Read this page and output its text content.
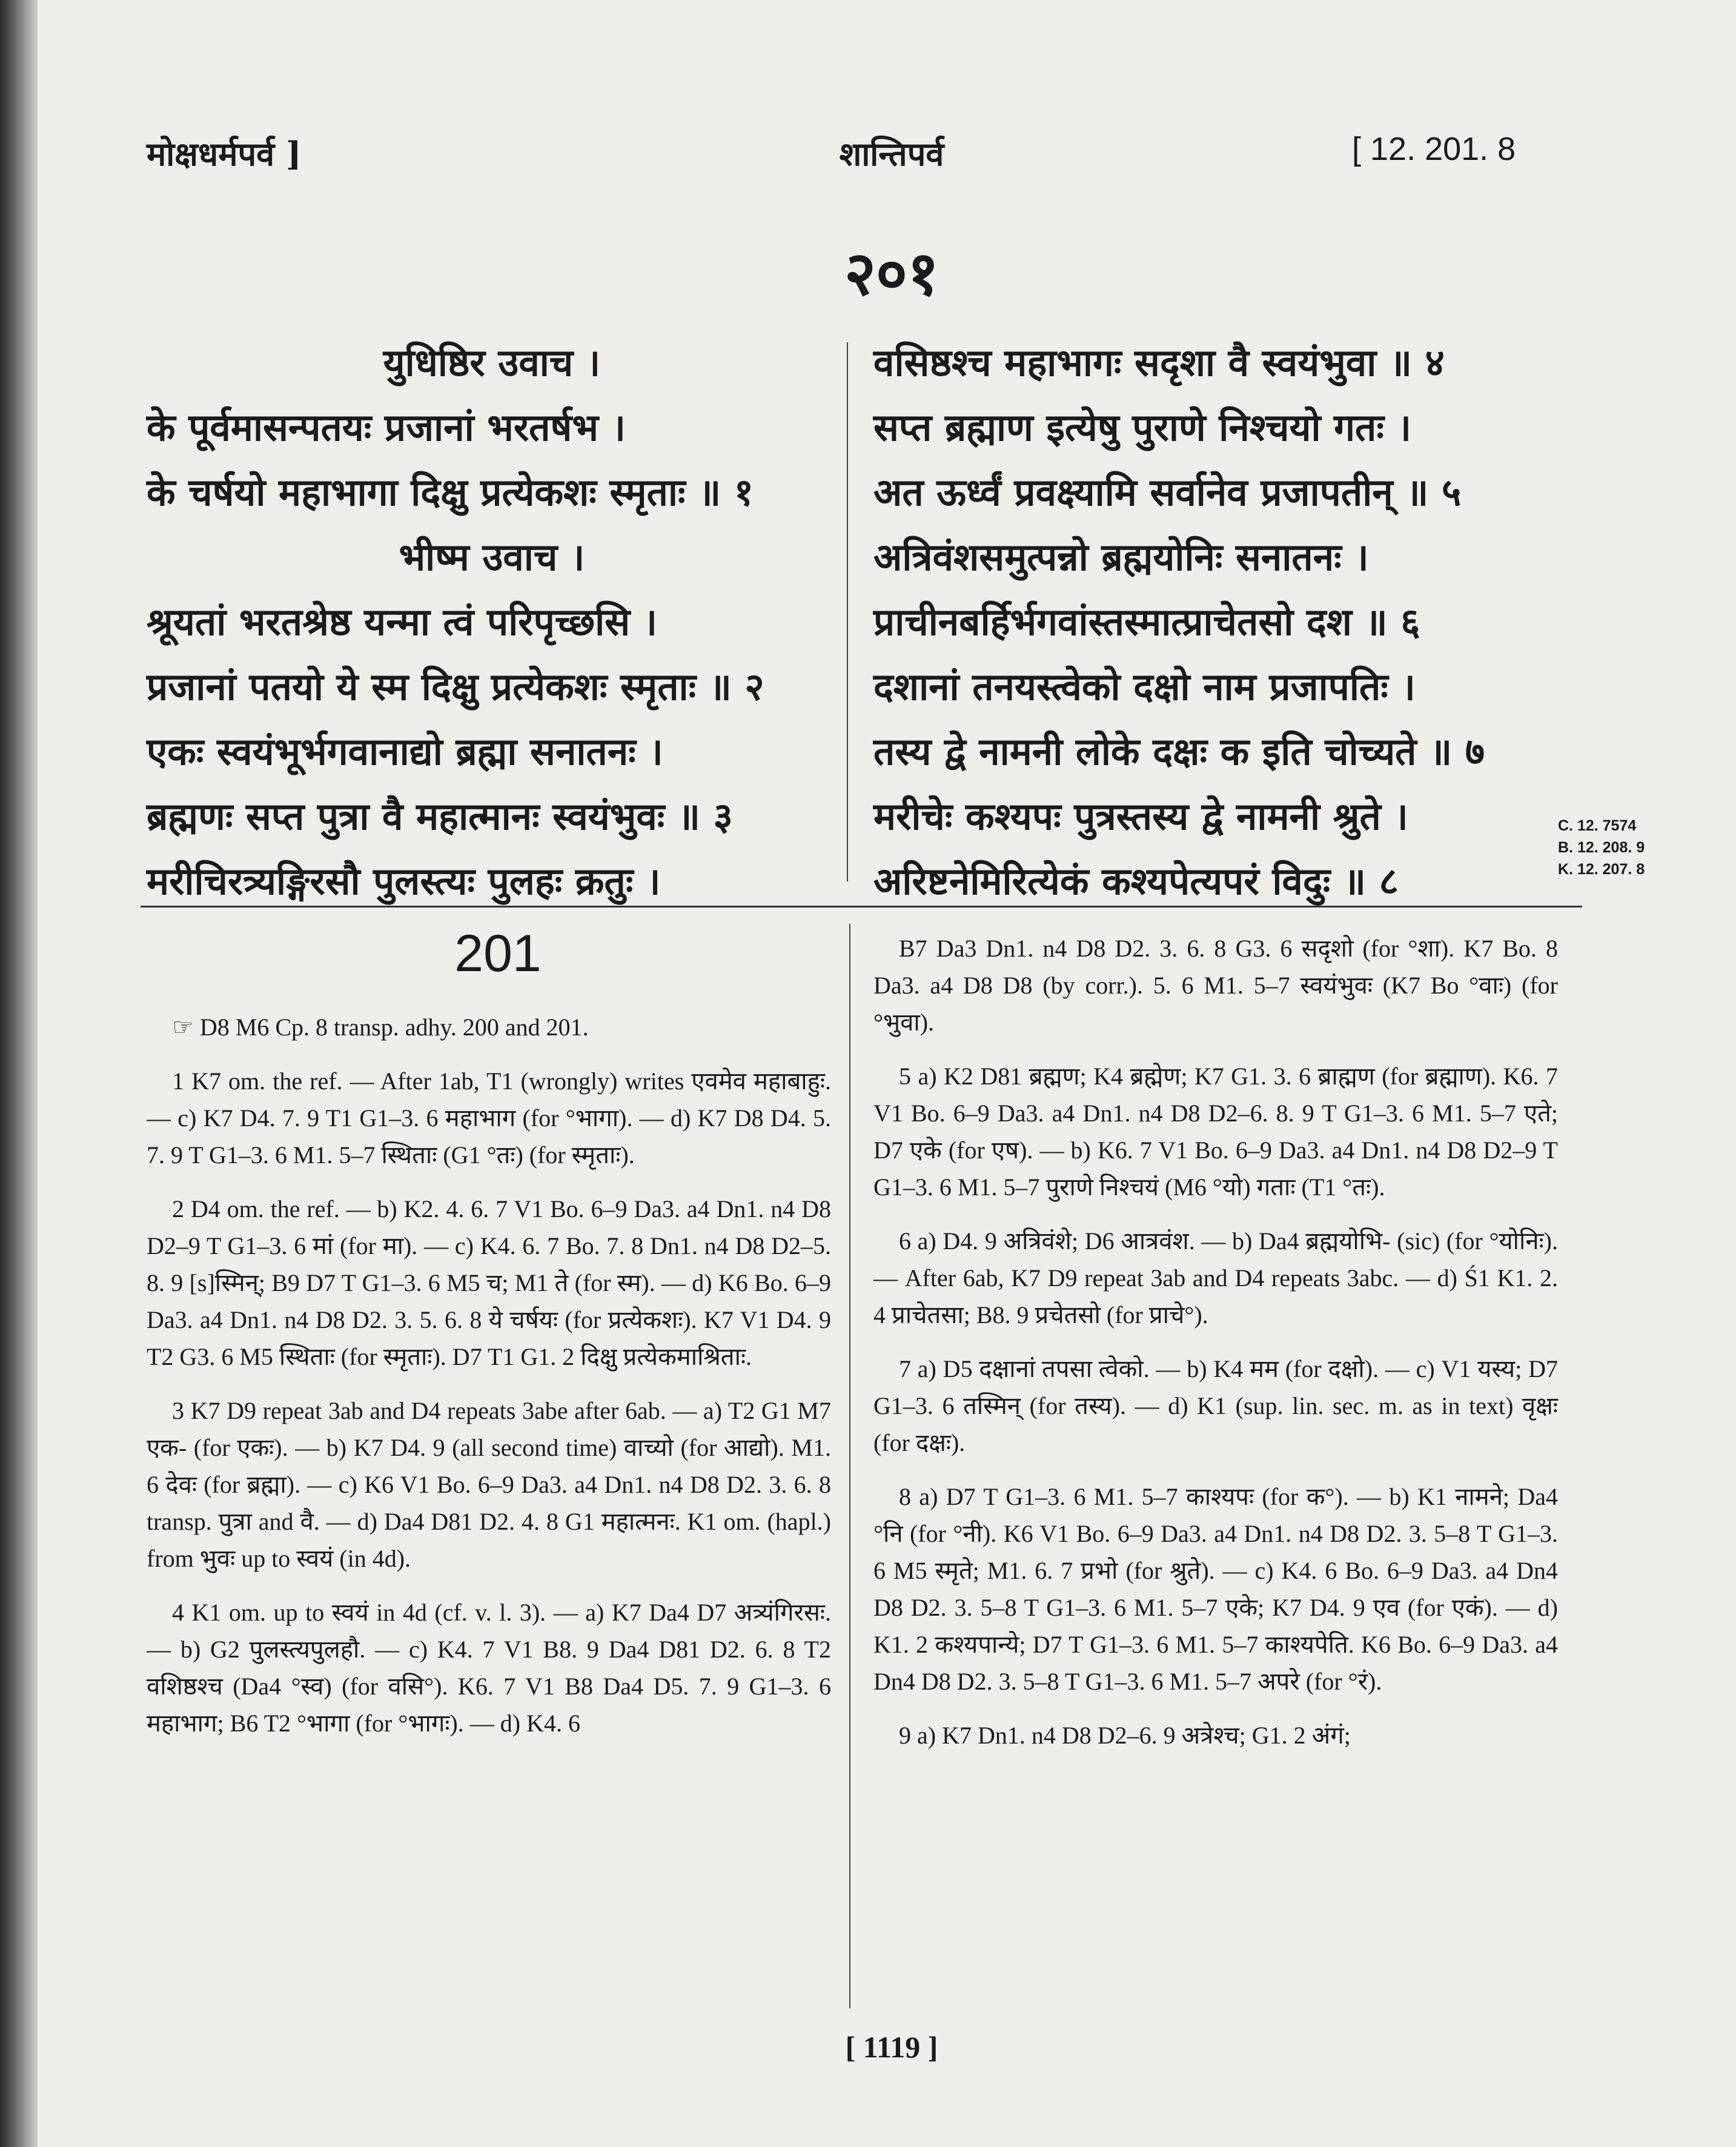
मोक्षधर्मपर्व ]	शान्तिपर्व	[ 12. 201. 8
२०१
युधिष्ठिर उवाच ।
के पूर्वमासन्पतयः प्रजानां भरतर्षभ ।
के चर्षयो महाभागा दिक्षु प्रत्येकशः स्मृताः ॥ १
भीष्म उवाच ।
श्रूयतां भरतश्रेष्ठ यन्मा त्वं परिपृच्छसि ।
प्रजानां पतयो ये स्म दिक्षु प्रत्येकशः स्मृताः ॥ २
एकः स्वयंभूर्भगवानाद्यो ब्रह्मा सनातनः ।
ब्रह्मणः सप्त पुत्रा वै महात्मानः स्वयंभुवः ॥ ३
मरीचिरत्र्यङ्गिरसौ पुलस्त्यः पुलहः क्रतुः ।
वसिष्ठश्च महाभागः सदृशा वै स्वयंभुवा ॥ ४
सप्त ब्रह्माण इत्येषु पुराणे निश्चयो गतः ।
अत ऊर्ध्वं प्रवक्ष्यामि सर्वानेव प्रजापतीन् ॥ ५
अत्रिवंशसमुत्पन्नो ब्रह्मयोनिः सनातनः ।
प्राचीनबर्हिर्भगवांस्तस्मात्प्राचेतसो दश ॥ ६
दशानां तनयस्त्वेको दक्षो नाम प्रजापतिः ।
तस्य द्वे नामनी लोके दक्षः क इति चोच्यते ॥ ७
मरीचेः कश्यपः पुत्रस्तस्य द्वे नामनी श्रुते ।
अरिष्टनेमिरित्येकं कश्यपेत्यपरं विदुः ॥ ८
C. 12. 7574
B. 12. 208. 9
K. 12. 207. 8
201

☞ D8 M6 Cp. 8 transp. adhy. 200 and 201.

1 K7 om. the ref. — After 1ab, T1 (wrongly) writes एवमेव महाबाहुः. — c) K7 D4. 7. 9 T1 G1–3. 6 महाभाग (for °भागा). — d) K7 D8 D4. 5. 7. 9 T G1–3. 6 M1. 5–7 स्थिताः (G1 °तः) (for स्मृताः).

2 D4 om. the ref. — b) K2. 4. 6. 7 V1 Bo. 6–9 Da3. a4 Dn1. n4 D8 D2–9 T G1–3. 6 मां (for मा). — c) K4. 6. 7 Bo. 7. 8 Dn1. n4 D8 D2–5. 8. 9 [s]स्मिन्; B9 D7 T G1–3. 6 M5 च; M1 ते (for स्म). — d) K6 Bo. 6–9 Da3. a4 Dn1. n4 D8 D2. 3. 5. 6. 8 ये चर्षयः (for प्रत्येकशः). K7 V1 D4. 9 T2 G3. 6 M5 स्थिताः (for स्मृताः). D7 T1 G1. 2 दिक्षु प्रत्येकमाश्रिताः.

3 K7 D9 repeat 3ab and D4 repeats 3abe after 6ab. — a) T2 G1 M7 एक- (for एकः). — b) K7 D4. 9 (all second time) वाच्यो (for आद्यो). M1. 6 देवः (for ब्रह्मा). — c) K6 V1 Bo. 6–9 Da3. a4 Dn1. n4 D8 D2. 3. 6. 8 transp. पुत्रा and वै. — d) Da4 D81 D2. 4. 8 G1 महात्मनः. K1 om. (hapl.) from भुवः up to स्वयं (in 4d).

4 K1 om. up to स्वयं in 4d (cf. v. l. 3). — a) K7 Da4 D7 अत्र्यंगिरसः. — b) G2 पुलस्त्यपुलहौ. — c) K4. 7 V1 B8. 9 Da4 D81 D2. 6. 8 T2 वशिष्ठश्च (Da4 °स्व) (for वसि°). K6. 7 V1 B8 Da4 D5. 7. 9 G1–3. 6 महाभाग; B6 T2 °भागा (for °भागः). — d) K4. 6

B7 Da3 Dn1. n4 D8 D2. 3. 6. 8 G3. 6 सदृशो (for °शा). K7 Bo. 8 Da3. a4 D8 D8 (by corr.). 5. 6 M1. 5–7 स्वयंभुवः (K7 Bo °वाः) (for °भुवा).

5 a) K2 D81 ब्रह्मण; K4 ब्रह्मेण; K7 G1. 3. 6 ब्राह्मण (for ब्रह्माण). K6. 7 V1 Bo. 6–9 Da3. a4 Dn1. n4 D8 D2–6. 8. 9 T G1–3. 6 M1. 5–7 एते; D7 एके (for एष). — b) K6. 7 V1 Bo. 6–9 Da3. a4 Dn1. n4 D8 D2–9 T G1–3. 6 M1. 5–7 पुराणे निश्चयं (M6 °यो) गताः (T1 °तः).

6 a) D4. 9 अत्रिवंशे; D6 आत्रवंश. — b) Da4 ब्रह्मयोभि- (sic) (for °योनिः). — After 6ab, K7 D9 repeat 3ab and D4 repeats 3abc. — d) Ś1 K1. 2. 4 प्राचेतसा; B8. 9 प्रचेतसो (for प्राचे°).

7 a) D5 दक्षानां तपसा त्वेको. — b) K4 मम (for दक्षो). — c) V1 यस्य; D7 G1–3. 6 तस्मिन् (for तस्य). — d) K1 (sup. lin. sec. m. as in text) वृक्षः (for दक्षः).

8 a) D7 T G1–3. 6 M1. 5–7 काश्यपः (for क°). — b) K1 नामने; Da4 °नि (for °नी). K6 V1 Bo. 6–9 Da3. a4 Dn1. n4 D8 D2. 3. 5–8 T G1–3. 6 M5 स्मृते; M1. 6. 7 प्रभो (for श्रुते). — c) K4. 6 Bo. 6–9 Da3. a4 Dn4 D8 D2. 3. 5–8 T G1–3. 6 M1. 5–7 एके; K7 D4. 9 एव (for एकं). — d) K1. 2 कश्यपान्ये; D7 T G1–3. 6 M1. 5–7 काश्यपेति. K6 Bo. 6–9 Da3. a4 Dn4 D8 D2. 3. 5–8 T G1–3. 6 M1. 5–7 अपरे (for °रं).

9 a) K7 Dn1. n4 D8 D2–6. 9 अत्रेश्च; G1. 2 अंगं;

[ 1119 ]
